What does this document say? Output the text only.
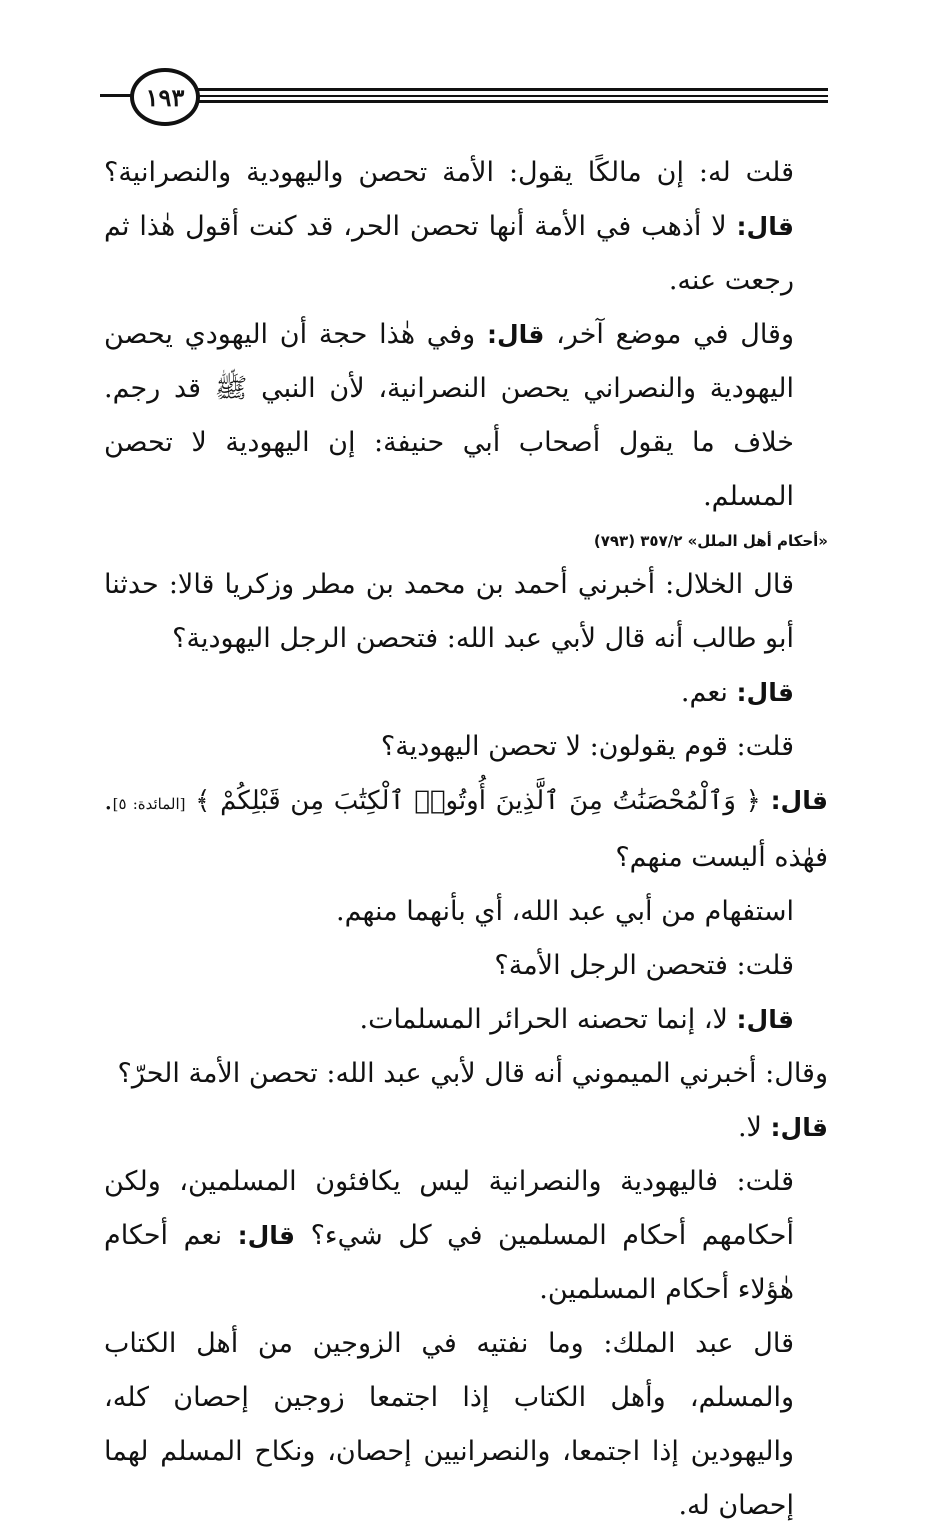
١٩٣

قلت له: إن مالكًا يقول: الأمة تحصن واليهودية والنصرانية؟ قال: لا أذهب في الأمة أنها تحصن الحر، قد كنت أقول هٰذا ثم رجعت عنه.

وقال في موضع آخر، قال: وفي هٰذا حجة أن اليهودي يحصن اليهودية والنصراني يحصن النصرانية، لأن النبي ﷺ قد رجم. خلاف ما يقول أصحاب أبي حنيفة: إن اليهودية لا تحصن المسلم.

«أحكام أهل الملل» ٣٥٧/٢ (٧٩٣)

قال الخلال: أخبرني أحمد بن محمد بن مطر وزكريا قالا: حدثنا أبو طالب أنه قال لأبي عبد الله: فتحصن الرجل اليهودية؟

قال: نعم.

قلت: قوم يقولون: لا تحصن اليهودية؟

قال: ﴿ وَٱلْمُحْصَنَٰتُ مِنَ ٱلَّذِينَ أُوتُوا۟ ٱلْكِتَٰبَ مِن قَبْلِكُمْ ﴾ [المائدة: ٥]. فهٰذه أليست منهم؟

استفهام من أبي عبد الله، أي بأنهما منهم.

قلت: فتحصن الرجل الأمة؟

قال: لا، إنما تحصنه الحرائر المسلمات.

وقال: أخبرني الميموني أنه قال لأبي عبد الله: تحصن الأمة الحرّ؟

قال: لا.

قلت: فاليهودية والنصرانية ليس يكافئون المسلمين، ولكن أحكامهم أحكام المسلمين في كل شيء؟ قال: نعم أحكام هٰؤلاء أحكام المسلمين.

قال عبد الملك: وما نفتيه في الزوجين من أهل الكتاب والمسلم، وأهل الكتاب إذا اجتمعا زوجين إحصان كله، واليهودين إذا اجتمعا، والنصرانيين إحصان، ونكاح المسلم لهما إحصان له.
